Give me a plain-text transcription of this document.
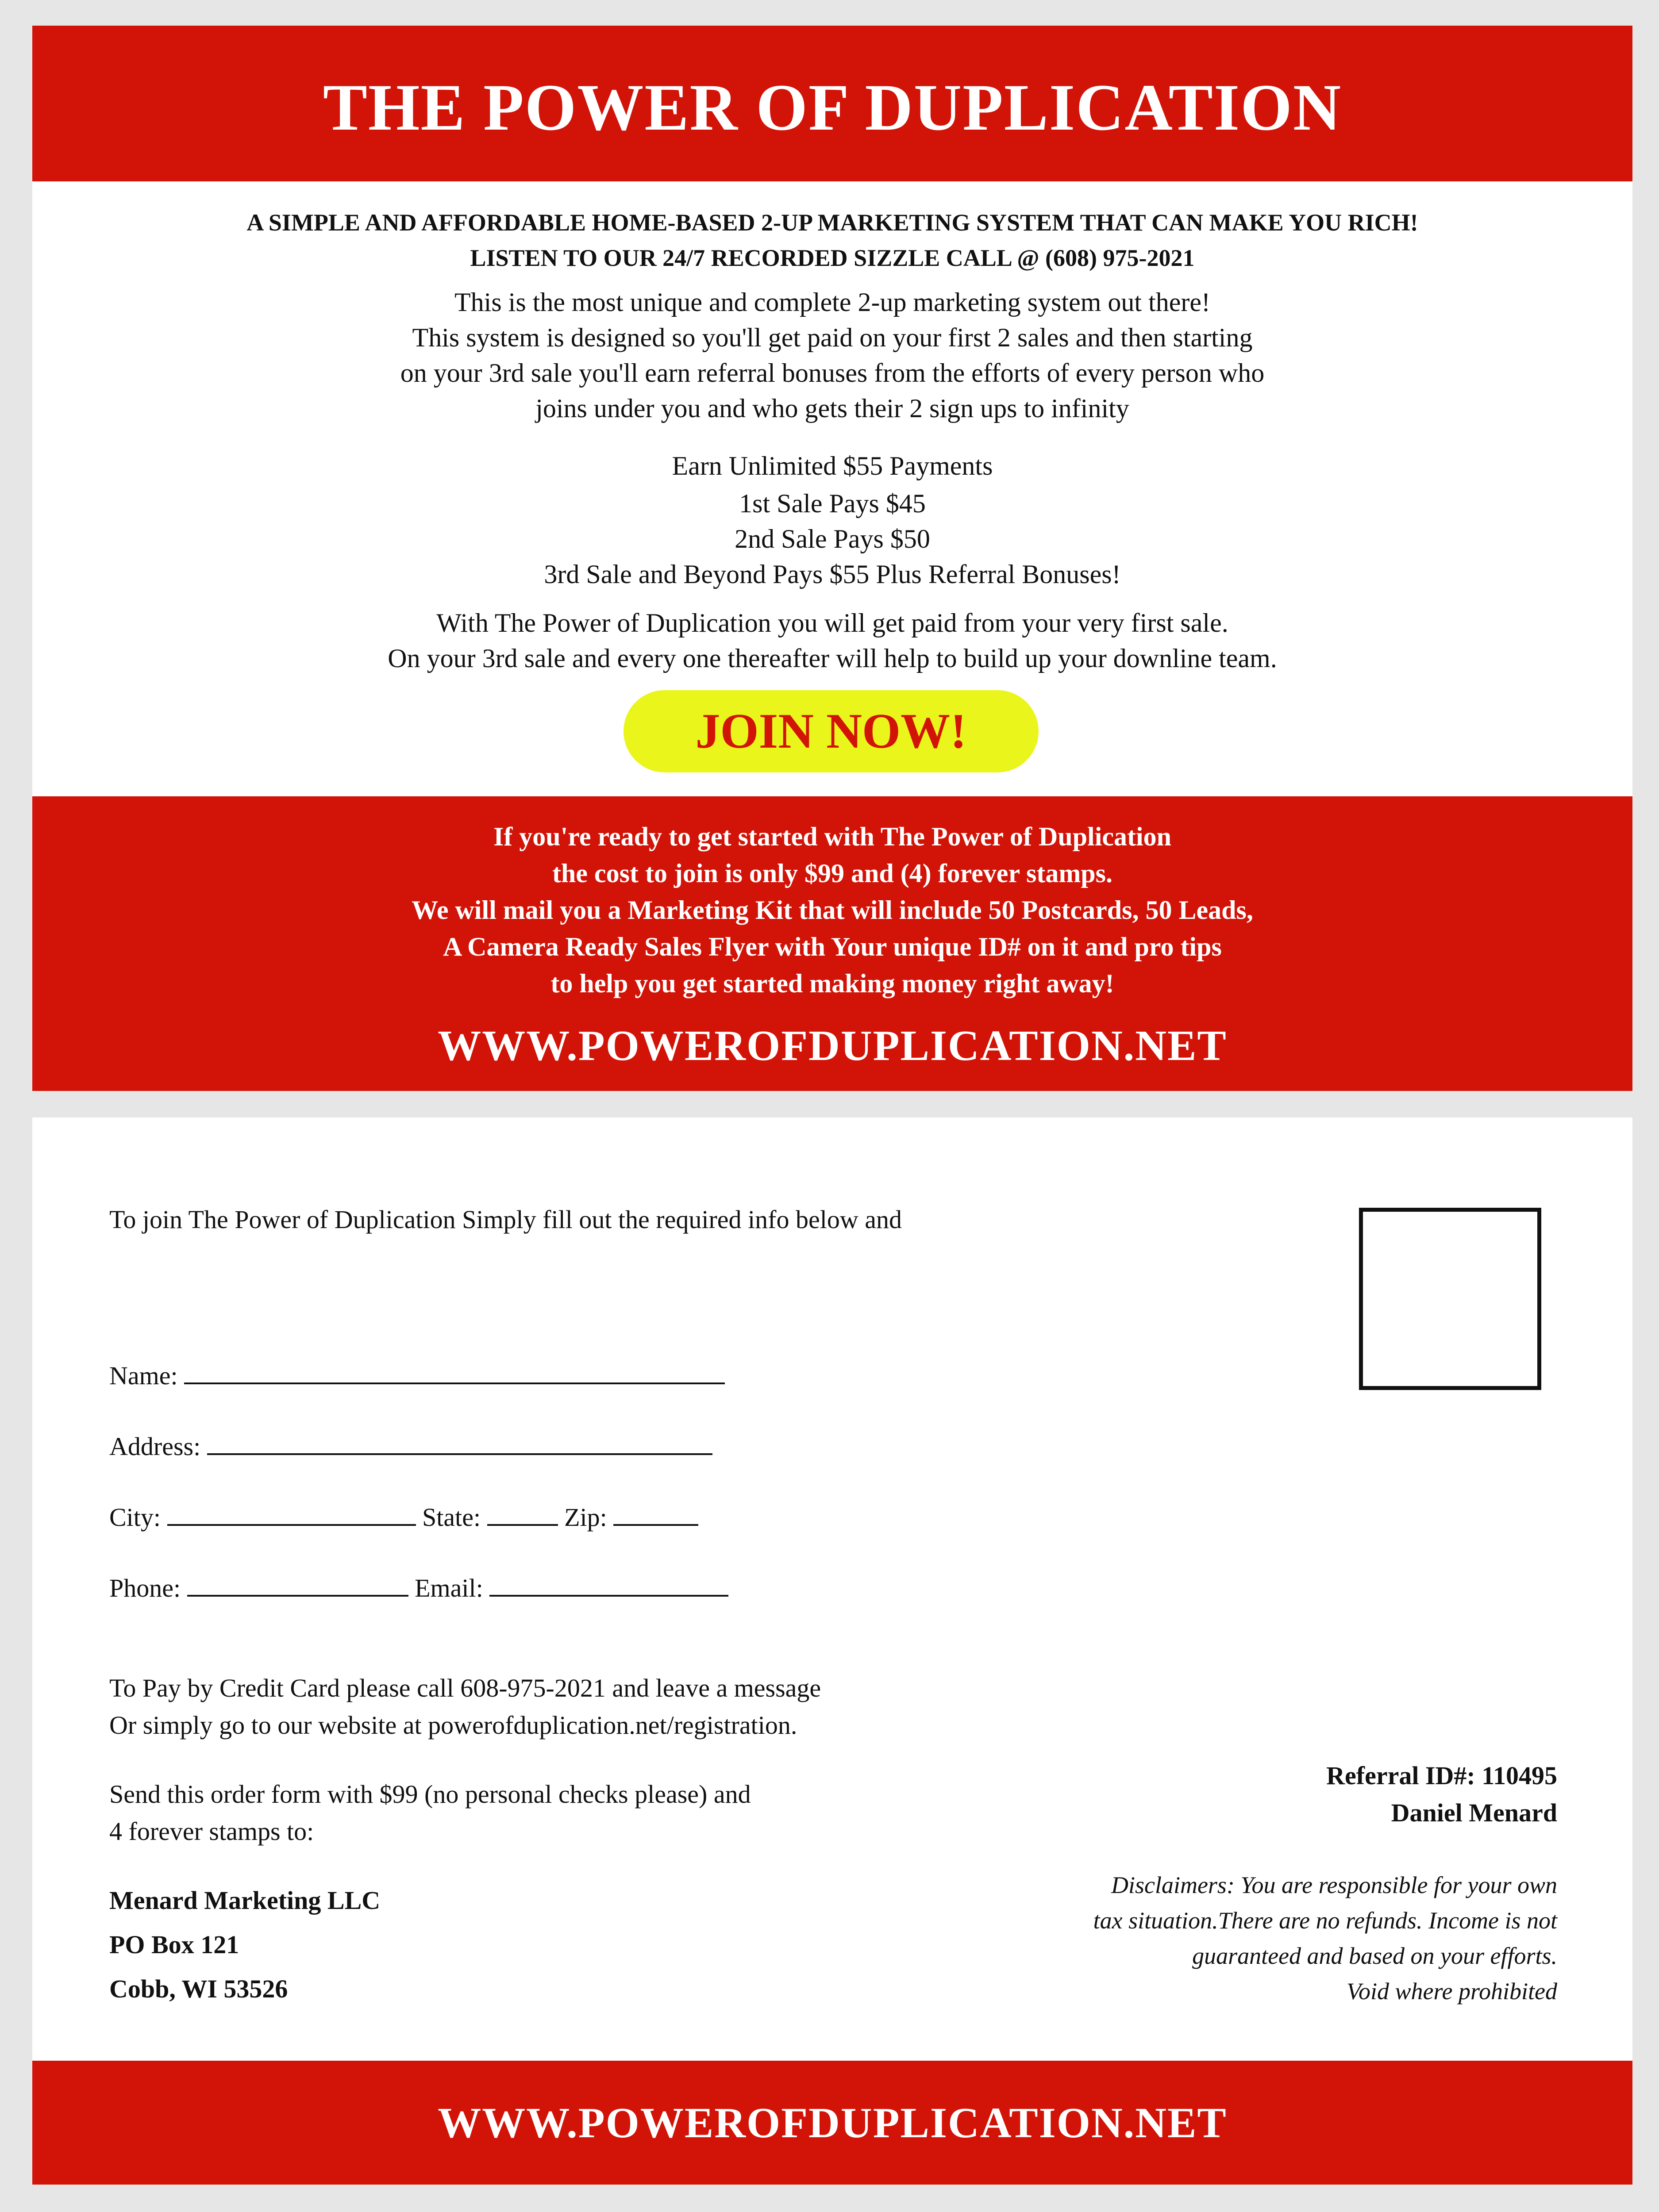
THE POWER OF DUPLICATION
A SIMPLE AND AFFORDABLE HOME-BASED 2-UP MARKETING SYSTEM THAT CAN MAKE YOU RICH!
LISTEN TO OUR 24/7 RECORDED SIZZLE CALL @ (608) 975-2021
This is the most unique and complete 2-up marketing system out there!
This system is designed so you'll get paid on your first 2 sales and then starting
on your 3rd sale you'll earn referral bonuses from the efforts of every person who
joins under you and who gets their 2 sign ups to infinity
Earn Unlimited $55 Payments
1st Sale Pays $45
2nd Sale Pays $50
3rd Sale and Beyond Pays $55 Plus Referral Bonuses!
With The Power of Duplication you will get paid from your very first sale.
On your 3rd sale and every one thereafter will help to build up your downline team.
JOIN NOW!
If you're ready to get started with The Power of Duplication
the cost to join is only $99 and (4) forever stamps.
We will mail you a Marketing Kit that will include 50 Postcards, 50 Leads,
A Camera Ready Sales Flyer with Your unique ID# on it and pro tips
to help you get started making money right away!
WWW.POWEROFDUPLICATION.NET
To join The Power of Duplication Simply fill out the required info below and
Name:
Address:
City:	State:	Zip:
Phone:	Email:
To Pay by Credit Card please call 608-975-2021 and leave a message
Or simply go to our website at powerofduplication.net/registration.
Send this order form with $99 (no personal checks please) and
4 forever stamps to:
Menard Marketing LLC
PO Box 121
Cobb, WI 53526
Referral ID#: 110495
Daniel Menard
Disclaimers: You are responsible for your own
tax situation.There are no refunds. Income is not
guaranteed and based on your efforts.
Void where prohibited
WWW.POWEROFDUPLICATION.NET
